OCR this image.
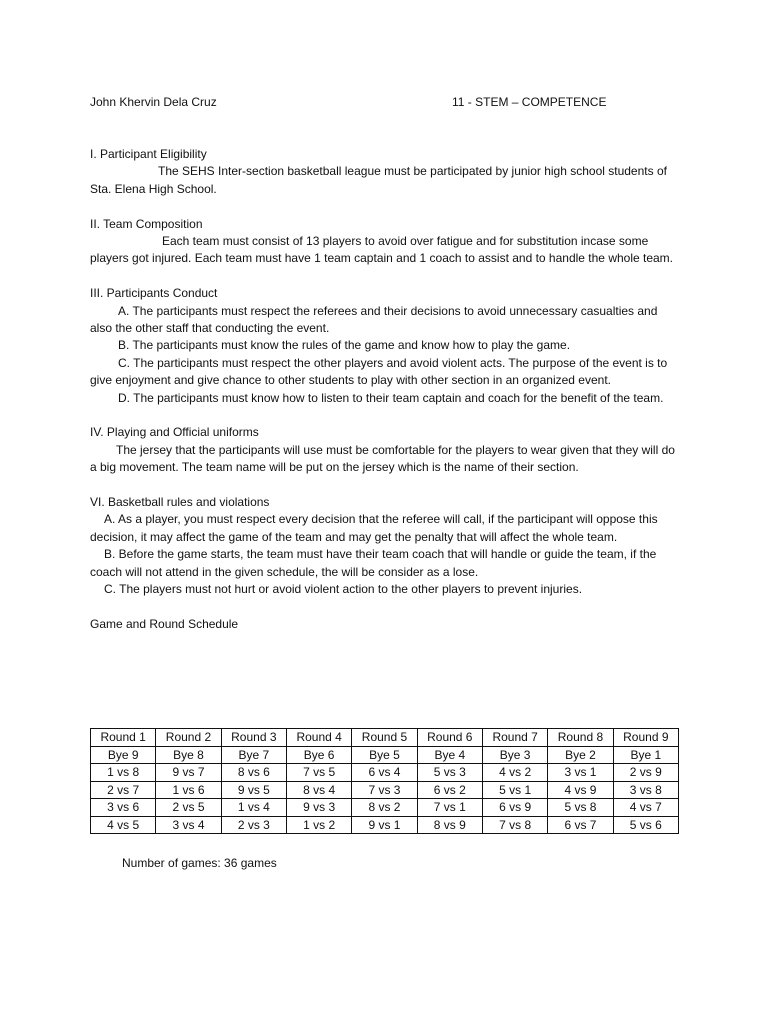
John Khervin Dela Cruz	11 - STEM – COMPETENCE

I. Participant Eligibility

The SEHS Inter-section basketball league must be participated by junior high school students of Sta. Elena High School.

II. Team Composition

Each team must consist of 13 players to avoid over fatigue and for substitution incase some players got injured. Each team must have 1 team captain and 1 coach to assist and to handle the whole team.

III. Participants Conduct

A. The participants must respect the referees and their decisions to avoid unnecessary casualties and also the other staff that conducting the event.

B. The participants must know the rules of the game and know how to play the game.

C. The participants must respect the other players and avoid violent acts. The purpose of the event is to give enjoyment and give chance to other students to play with other section in an organized event.

D. The participants must know how to listen to their team captain and coach for the benefit of the team.

IV. Playing and Official uniforms

The jersey that the participants will use must be comfortable for the players to wear given that they will do a big movement. The team name will be put on the jersey which is the name of their section.

VI. Basketball rules and violations

A. As a player, you must respect every decision that the referee will call, if the participant will oppose this decision, it may affect the game of the team and may get the penalty that will affect the whole team.

B. Before the game starts, the team must have their team coach that will handle or guide the team, if the coach will not attend in the given schedule, the will be consider as a lose.

C. The players must not hurt or avoid violent action to the other players to prevent injuries.

Game and Round Schedule

Round 1	Round 2	Round 3	Round 4	Round 5	Round 6	Round 7	Round 8	Round 9
Bye 9	Bye 8	Bye 7	Bye 6	Bye 5	Bye 4	Bye 3	Bye 2	Bye 1
1 vs 8	9 vs 7	8 vs 6	7 vs 5	6 vs 4	5 vs 3	4 vs 2	3 vs 1	2 vs 9
2 vs 7	1 vs 6	9 vs 5	8 vs 4	7 vs 3	6 vs 2	5 vs 1	4 vs 9	3 vs 8
3 vs 6	2 vs 5	1 vs 4	9 vs 3	8 vs 2	7 vs 1	6 vs 9	5 vs 8	4 vs 7
4 vs 5	3 vs 4	2 vs 3	1 vs 2	9 vs 1	8 vs 9	7 vs 8	6 vs 7	5 vs 6

Number of games: 36 games
